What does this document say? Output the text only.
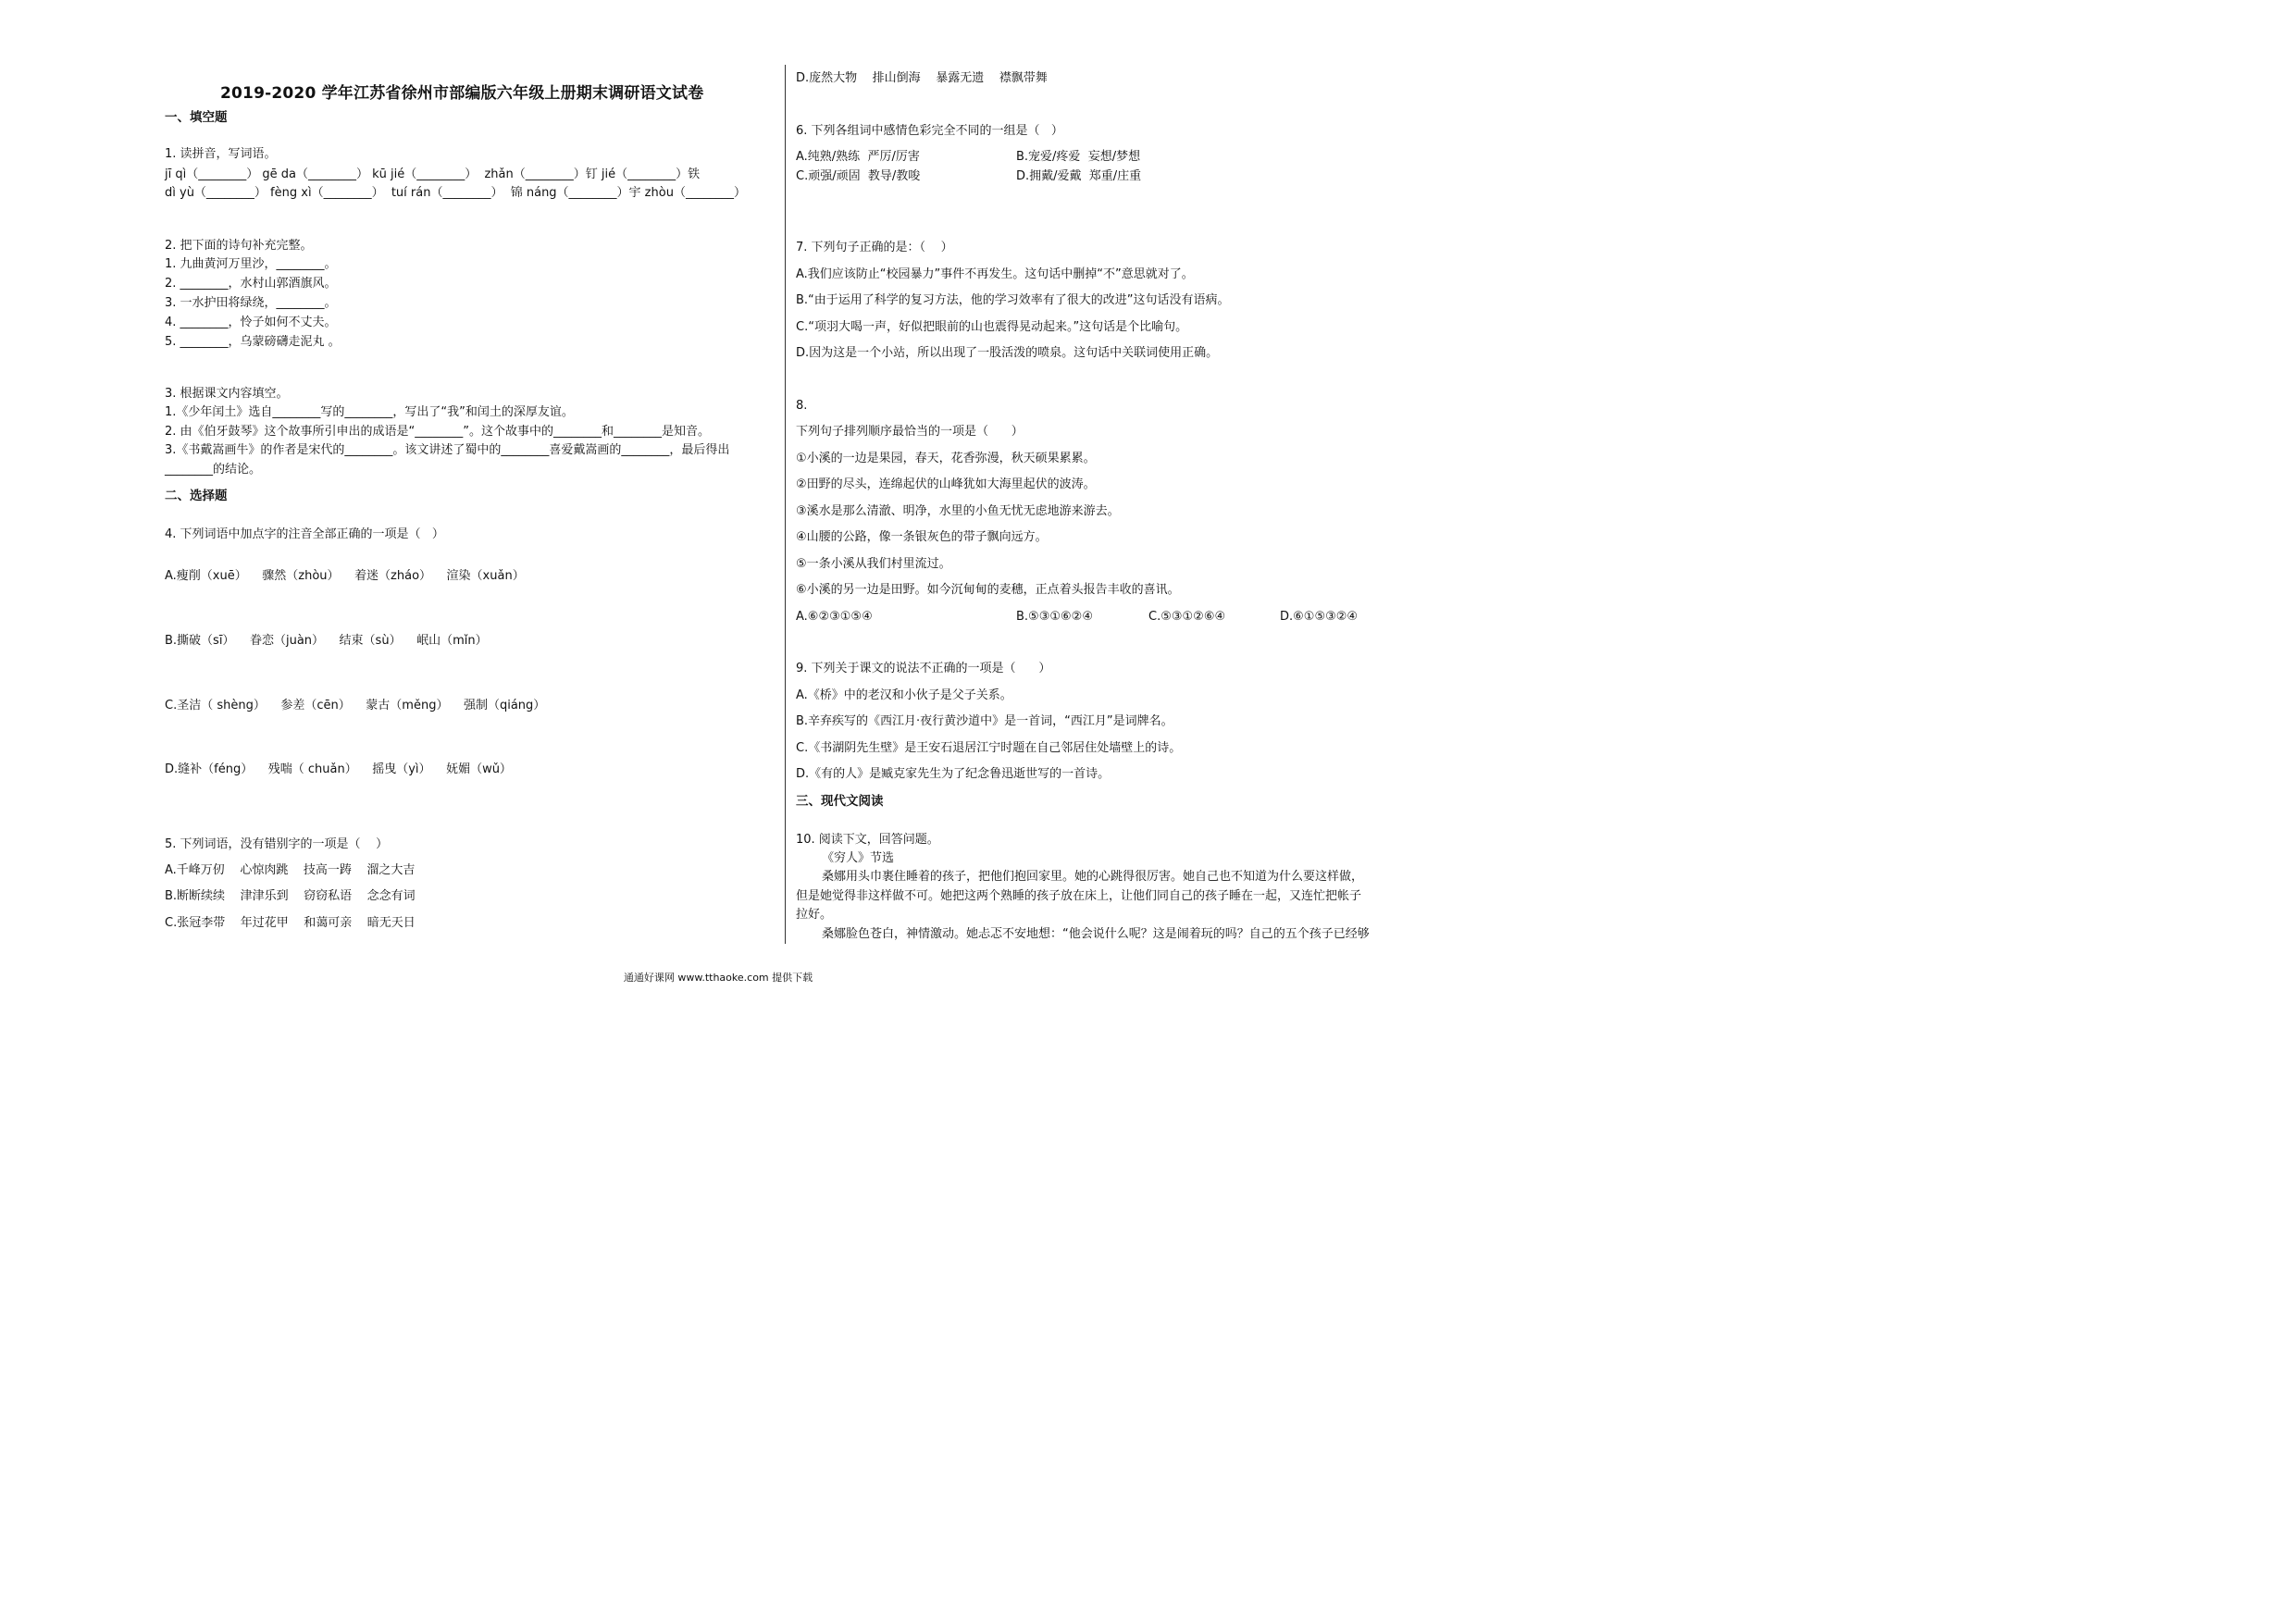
2019-2020 学年江苏省徐州市部编版六年级上册期末调研语文试卷
一、填空题
1. 读拼音，写词语。
jī qì（________） gē da（________） kū jié（________）  zhǎn（________）钉 jié（________）铁
dì yù（________） fèng xì（________）  tuí rán（________）  锦 náng（________）宇 zhòu（________）
2. 把下面的诗句补充完整。
1. 九曲黄河万里沙，________。
2. ________，水村山郭酒旗风。
3. 一水护田将绿绕，________。
4. ________，怜子如何不丈夫。
5. ________，乌蒙磅礴走泥丸 。
3. 根据课文内容填空。
1.《少年闰土》选自________写的________，写出了“我”和闰土的深厚友谊。
2. 由《伯牙鼓琴》这个故事所引申出的成语是“________”。这个故事中的________和________是知音。
3.《书戴嵩画牛》的作者是宋代的________。该文讲述了蜀中的________喜爱戴嵩画的________，最后得出
________的结论。
二、选择题
4. 下列词语中加点字的注音全部正确的一项是（   ）
A.瘦削（xuē）    骤然（zhòu）    着迷（zháo）    渲染（xuǎn）
B.撕破（sī）    眷恋（juàn）    结束（sù）    岷山（mǐn）
C.圣洁（ shèng）    参差（cēn）    蒙古（měng）    强制（qiáng）
D.缝补（féng）    残喘（ chuǎn）    摇曳（yì）    妩媚（wǔ）
5. 下列词语，没有错别字的一项是（    ）
A.千峰万仞    心惊肉跳    技高一踌    溜之大吉
B.断断续续    津津乐到    窃窃私语    念念有词
C.张冠李带    年过花甲    和蔼可亲    暗无天日
D.庞然大物    排山倒海    暴露无遗    襟飘带舞
6. 下列各组词中感情色彩完全不同的一组是（   ）
A.纯熟/熟练  严厉/厉害	B.宠爱/疼爱  妄想/梦想
C.顽强/顽固  教导/教唆	D.拥戴/爱戴  郑重/庄重
7. 下列句子正确的是：（    ）
A.我们应该防止“校园暴力”事件不再发生。这句话中删掉“不”意思就对了。
B.“由于运用了科学的复习方法，他的学习效率有了很大的改进”这句话没有语病。
C.“项羽大喝一声，好似把眼前的山也震得晃动起来。”这句话是个比喻句。
D.因为这是一个小站，所以出现了一股活泼的喷泉。这句话中关联词使用正确。
8.
下列句子排列顺序最恰当的一项是（      ）
①小溪的一边是果园，春天，花香弥漫，秋天硕果累累。
②田野的尽头，连绵起伏的山峰犹如大海里起伏的波涛。
③溪水是那么清澈、明净，水里的小鱼无忧无虑地游来游去。
④山腰的公路，像一条银灰色的带子飘向远方。
⑤一条小溪从我们村里流过。
⑥小溪的另一边是田野。如今沉甸甸的麦穗，正点着头报告丰收的喜讯。
A.⑥②③①⑤④	B.⑤③①⑥②④	C.⑤③①②⑥④	D.⑥①⑤③②④
9. 下列关于课文的说法不正确的一项是（      ）
A.《桥》中的老汉和小伙子是父子关系。
B.辛弃疾写的《西江月·夜行黄沙道中》是一首词，“西江月”是词牌名。
C.《书湖阴先生壁》是王安石退居江宁时题在自己邻居住处墙壁上的诗。
D.《有的人》是臧克家先生为了纪念鲁迅逝世写的一首诗。
三、现代文阅读
10. 阅读下文，回答问题。
《穷人》节选
桑娜用头巾裹住睡着的孩子，把他们抱回家里。她的心跳得很厉害。她自己也不知道为什么要这样做，
但是她觉得非这样做不可。她把这两个熟睡的孩子放在床上，让他们同自己的孩子睡在一起，又连忙把帐子
拉好。
桑娜脸色苍白，神情激动。她忐忑不安地想：“他会说什么呢？这是闹着玩的吗？自己的五个孩子已经够
通通好课网 www.tthaoke.com 提供下载
